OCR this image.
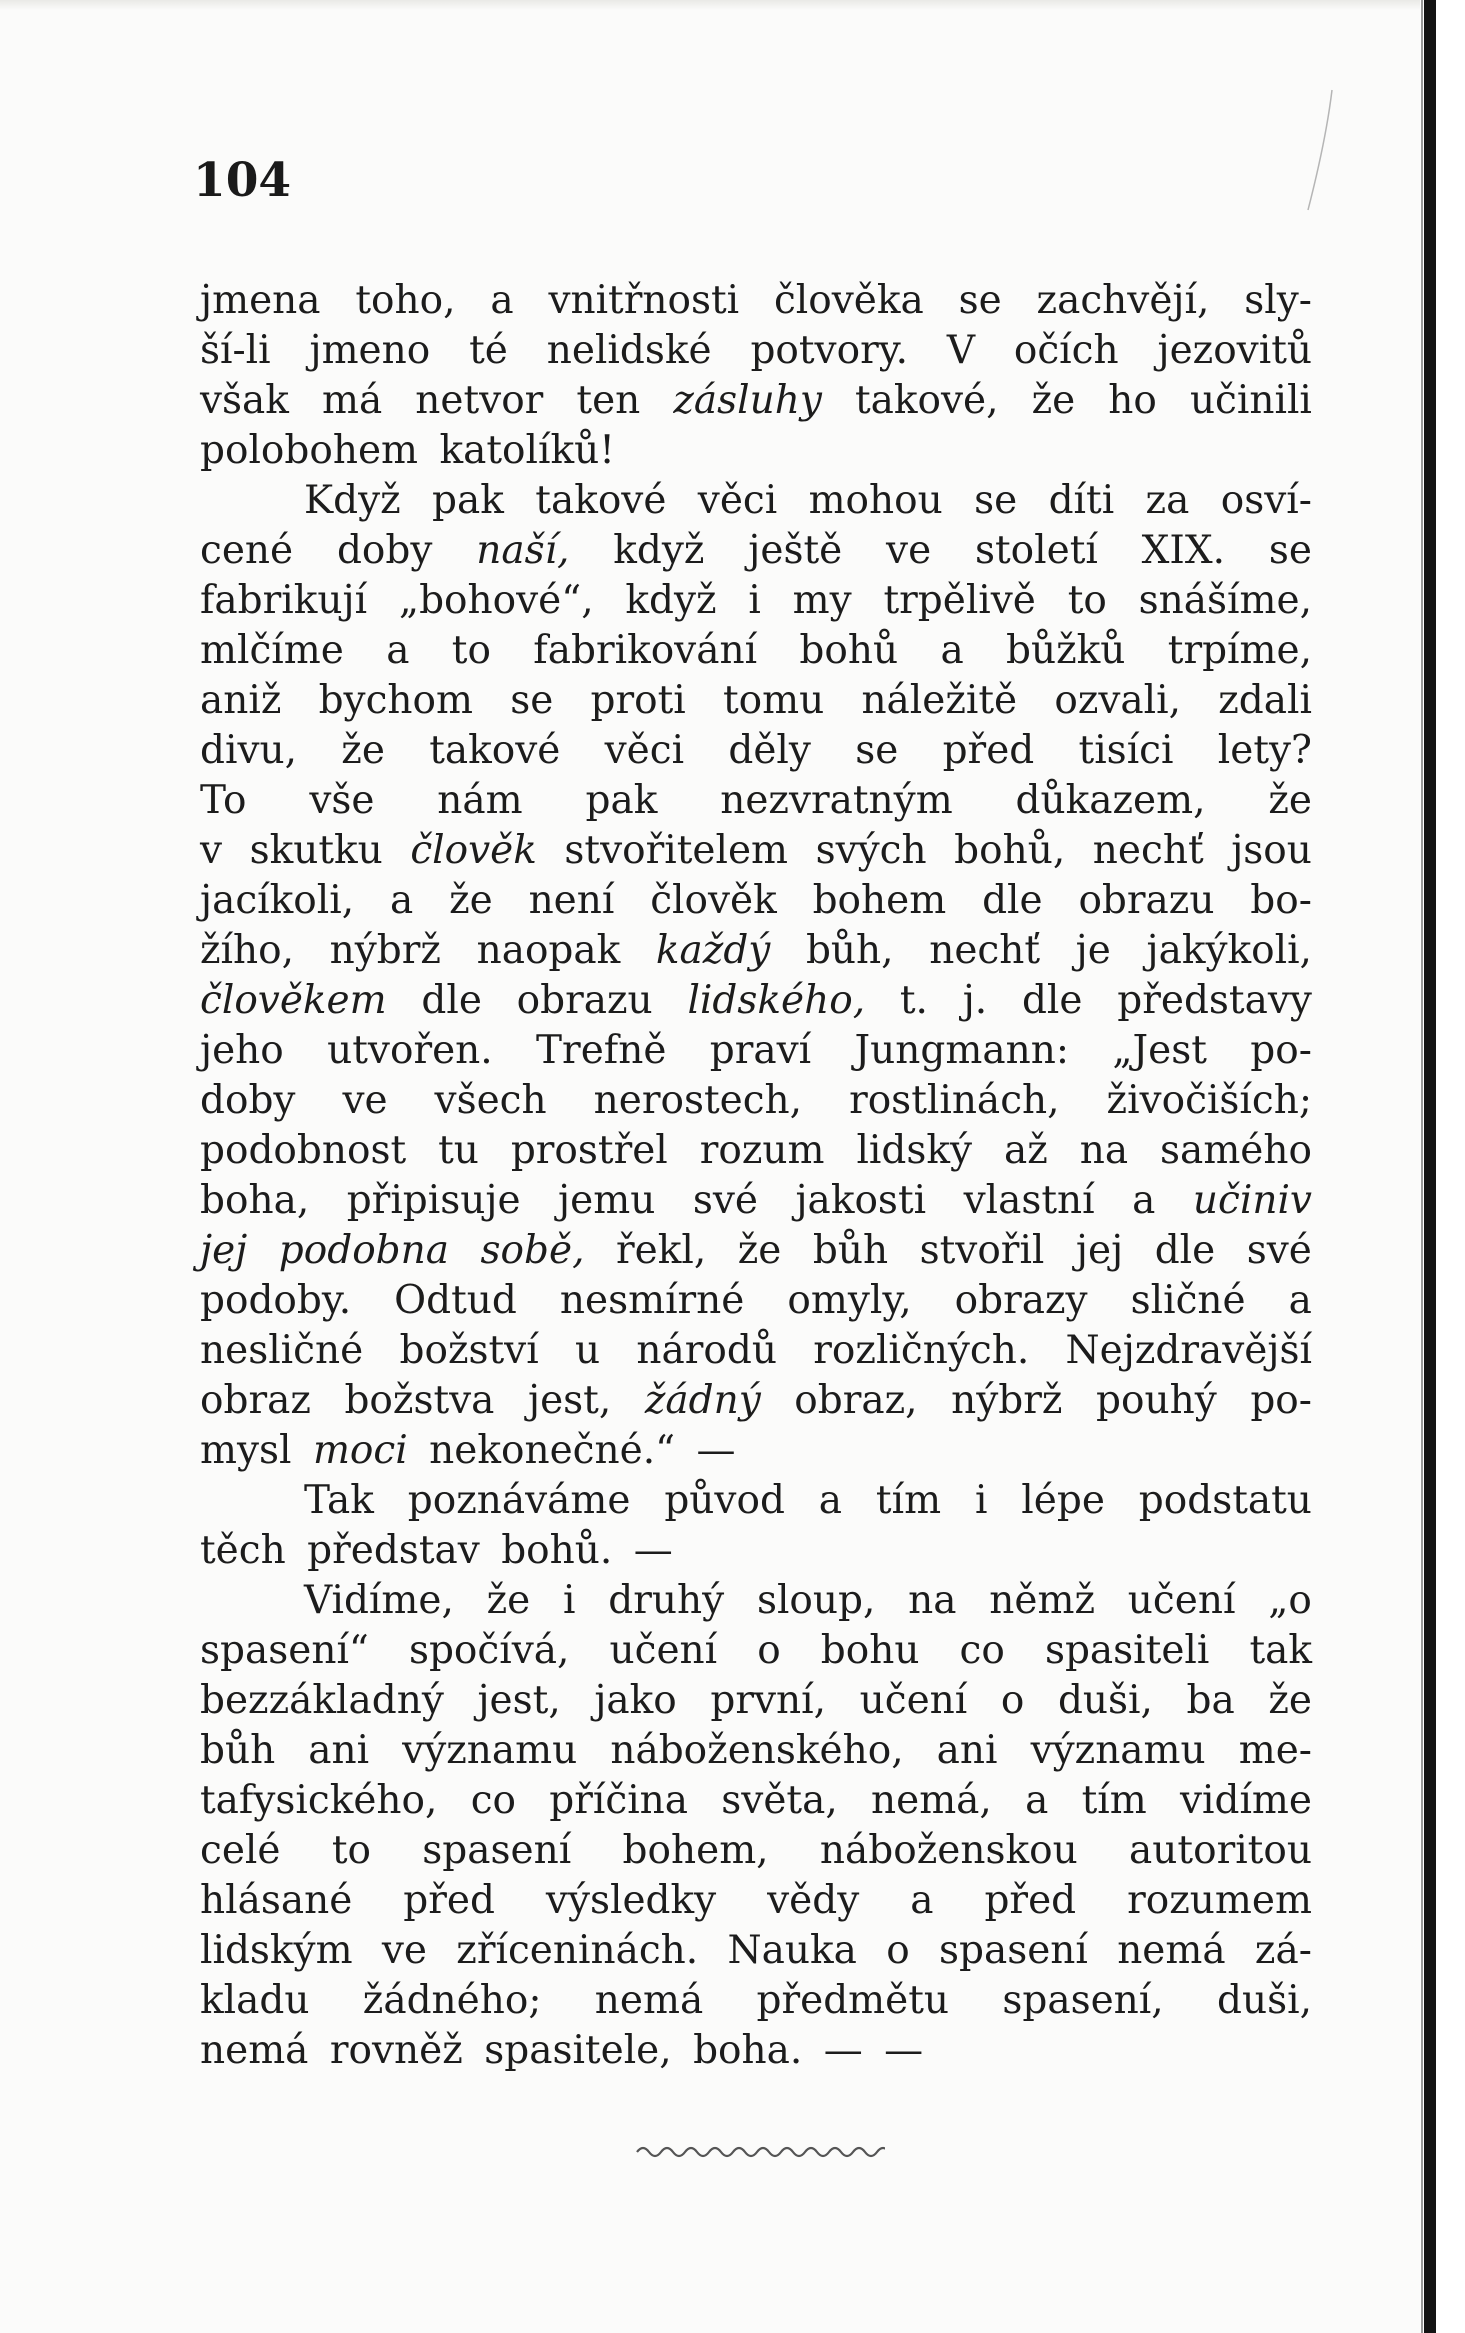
104

jmena toho, a vnitřnosti člověka se zachvějí, sly-
ší-li jmeno té nelidské potvory. V očích jezovitů
však má netvor ten zásluhy takové, že ho učinili
polobohem katolíků!
Když pak takové věci mohou se díti za osví-
cené doby naší, když ještě ve století XIX. se
fabrikují „bohové“, když i my trpělivě to snášíme,
mlčíme a to fabrikování bohů a bůžků trpíme,
aniž bychom se proti tomu náležitě ozvali, zdali
divu, že takové věci děly se před tisíci lety?
To vše nám pak nezvratným důkazem, že
v skutku člověk stvořitelem svých bohů, nechť jsou
jacíkoli, a že není člověk bohem dle obrazu bo-
žího, nýbrž naopak každý bůh, nechť je jakýkoli,
člověkem dle obrazu lidského, t. j. dle představy
jeho utvořen. Trefně praví Jungmann: „Jest po-
doby ve všech nerostech, rostlinách, živočiších;
podobnost tu prostřel rozum lidský až na samého
boha, připisuje jemu své jakosti vlastní a učiniv
jej podobna sobě, řekl, že bůh stvořil jej dle své
podoby. Odtud nesmírné omyly, obrazy sličné a
nesličné božství u národů rozličných. Nejzdravější
obraz božstva jest, žádný obraz, nýbrž pouhý po-
mysl moci nekonečné.“ —
Tak poznáváme původ a tím i lépe podstatu
těch představ bohů. —
Vidíme, že i druhý sloup, na němž učení „o
spasení“ spočívá, učení o bohu co spasiteli tak
bezzákladný jest, jako první, učení o duši, ba že
bůh ani významu náboženského, ani významu me-
tafysického, co příčina světa, nemá, a tím vidíme
celé to spasení bohem, náboženskou autoritou
hlásané před výsledky vědy a před rozumem
lidským ve zříceninách. Nauka o spasení nemá zá-
kladu žádného; nemá předmětu spasení, duši,
nemá rovněž spasitele, boha. — —
